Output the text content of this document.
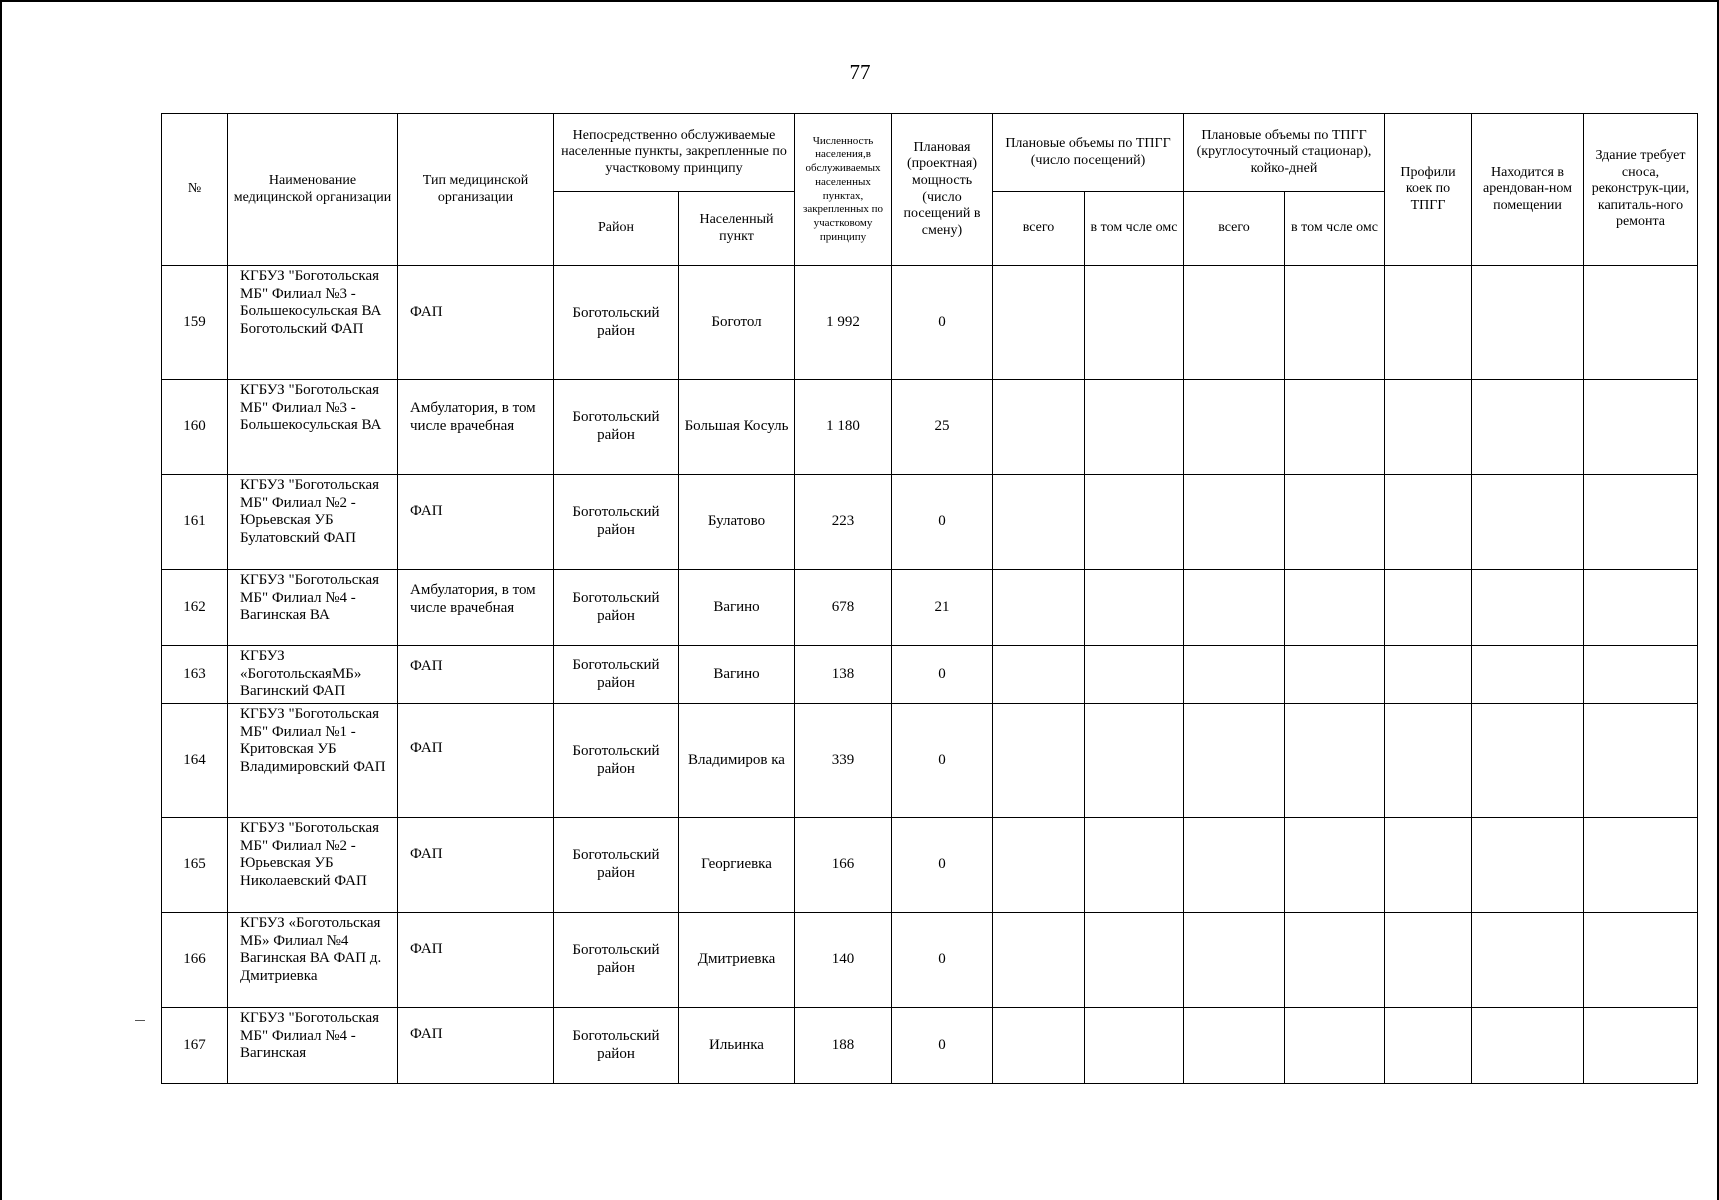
77
№	Наименование медицинской организации	Тип медицинской организации	Непосредственно обслуживаемые населенные пункты, закрепленные по участковому принципу		Численность населения,в обслуживаемых населенных пунктах, закрепленных по участковому принципу	Плановая (проектная) мощность (число посещений в смену)	Плановые объемы по ТПГГ (число посещений)		Плановые объемы по ТПГГ (круглосуточный стационар), койко-дней		Профили коек по ТПГГ	Находится в арендован-ном помещении	Здание требует сноса, реконструк-ции, капиталь-ного ремонта
			Район	Населенный пункт			всего	в том чсле омс	всего	в том чсле омс			
159	КГБУЗ "Боготольская МБ" Филиал №3 - Большекосульская ВА Боготольский ФАП	ФАП	Боготольский район	Боготол	1 992	0							
160	КГБУЗ "Боготольская МБ" Филиал №3 - Большекосульская ВА	Амбулатория, в том числе врачебная	Боготольский район	Большая Косуль	1 180	25							
161	КГБУЗ "Боготольская МБ" Филиал №2 - Юрьевская УБ Булатовский ФАП	ФАП	Боготольский район	Булатово	223	0							
162	КГБУЗ "Боготольская МБ" Филиал №4 - Вагинская ВА	Амбулатория, в том числе врачебная	Боготольский район	Вагино	678	21							
163	КГБУЗ «БоготольскаяМБ» Вагинский ФАП	ФАП	Боготольский район	Вагино	138	0							
164	КГБУЗ "Боготольская МБ" Филиал №1 - Критовская УБ Владимировский ФАП	ФАП	Боготольский район	Владимиров ка	339	0							
165	КГБУЗ "Боготольская МБ" Филиал №2 - Юрьевская УБ Николаевский ФАП	ФАП	Боготольский район	Георгиевка	166	0							
166	КГБУЗ «Боготольская МБ» Филиал №4 Вагинская ВА ФАП д. Дмитриевка	ФАП	Боготольский район	Дмитриевка	140	0							
167	КГБУЗ "Боготольская МБ" Филиал №4 - Вагинская	ФАП	Боготольский район	Ильинка	188	0							
